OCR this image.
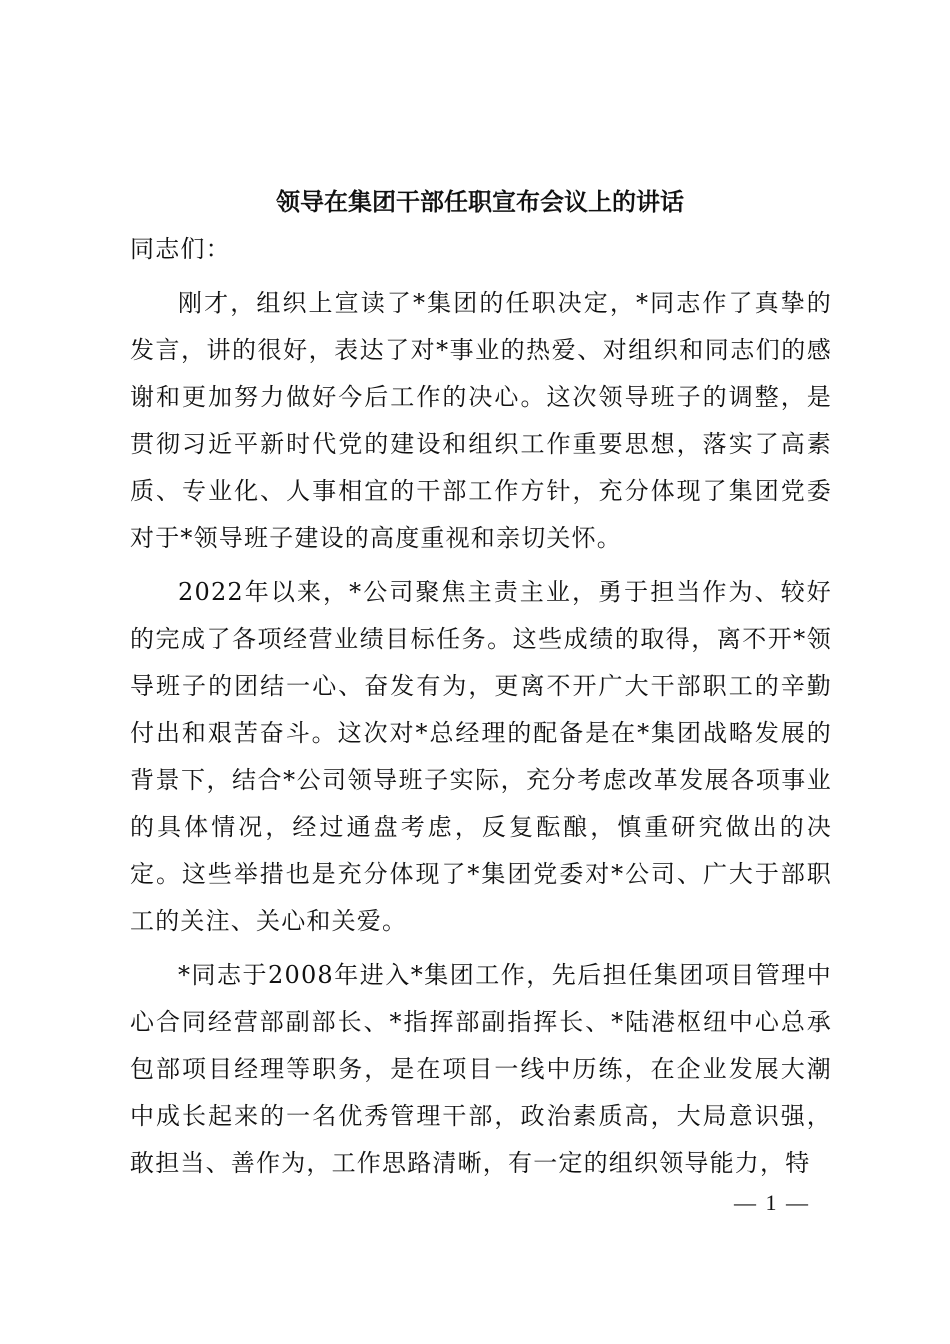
领导在集团干部任职宣布会议上的讲话

同志们：

刚才，组织上宣读了*集团的任职决定，*同志作了真挚的发言，讲的很好，表达了对*事业的热爱、对组织和同志们的感谢和更加努力做好今后工作的决心。这次领导班子的调整，是贯彻习近平新时代党的建设和组织工作重要思想，落实了高素质、专业化、人事相宜的干部工作方针，充分体现了集团党委对于*领导班子建设的高度重视和亲切关怀。

2022年以来，*公司聚焦主责主业，勇于担当作为、较好的完成了各项经营业绩目标任务。这些成绩的取得，离不开*领导班子的团结一心、奋发有为，更离不开广大干部职工的辛勤付出和艰苦奋斗。这次对*总经理的配备是在*集团战略发展的背景下，结合*公司领导班子实际，充分考虑改革发展各项事业的具体情况，经过通盘考虑，反复酝酿，慎重研究做出的决定。这些举措也是充分体现了*集团党委对*公司、广大于部职工的关注、关心和关爱。

*同志于2008年进入*集团工作，先后担任集团项目管理中心合同经营部副部长、*指挥部副指挥长、*陆港枢纽中心总承包部项目经理等职务，是在项目一线中历练，在企业发展大潮中成长起来的一名优秀管理干部，政治素质高，大局意识强，敢担当、善作为，工作思路清晰，有一定的组织领导能力，特

— 1 —
